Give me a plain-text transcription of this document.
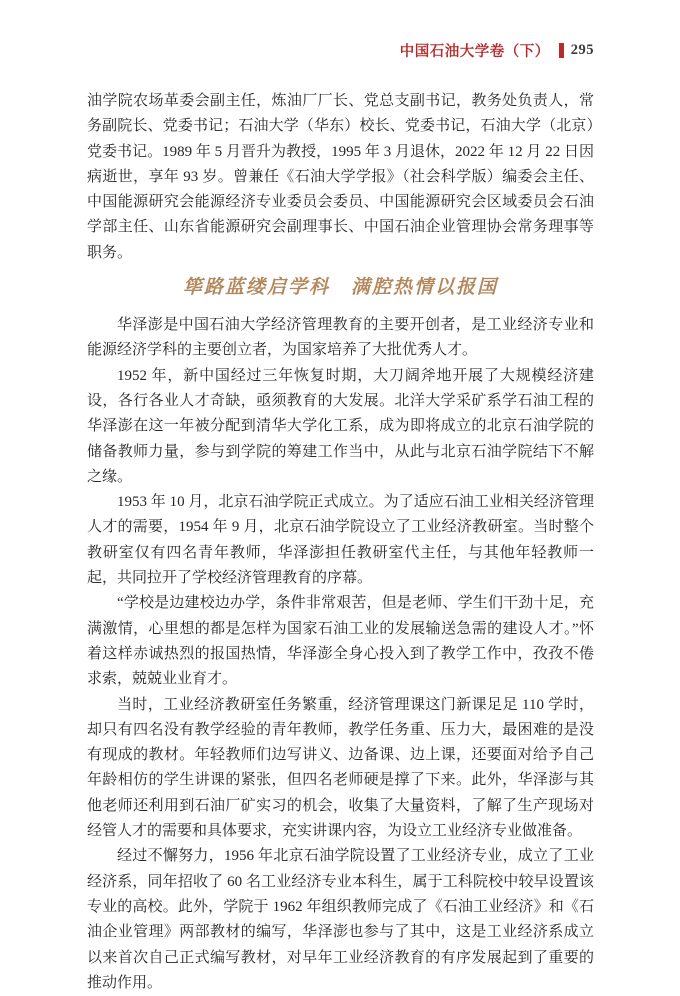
中国石油大学卷（下） 295

油学院农场革委会副主任，炼油厂厂长、党总支副书记，教务处负责人，常务副院长、党委书记；石油大学（华东）校长、党委书记，石油大学（北京）党委书记。1989 年 5 月晋升为教授，1995 年 3 月退休，2022 年 12 月 22 日因病逝世，享年 93 岁。曾兼任《石油大学学报》（社会科学版）编委会主任、中国能源研究会能源经济专业委员会委员、中国能源研究会区域委员会石油学部主任、山东省能源研究会副理事长、中国石油企业管理协会常务理事等职务。

筚路蓝缕启学科　满腔热情以报国

华泽澎是中国石油大学经济管理教育的主要开创者，是工业经济专业和能源经济学科的主要创立者，为国家培养了大批优秀人才。

1952 年，新中国经过三年恢复时期，大刀阔斧地开展了大规模经济建设，各行各业人才奇缺，亟须教育的大发展。北洋大学采矿系学石油工程的华泽澎在这一年被分配到清华大学化工系，成为即将成立的北京石油学院的储备教师力量，参与到学院的筹建工作当中，从此与北京石油学院结下不解之缘。

1953 年 10 月，北京石油学院正式成立。为了适应石油工业相关经济管理人才的需要，1954 年 9 月，北京石油学院设立了工业经济教研室。当时整个教研室仅有四名青年教师，华泽澎担任教研室代主任，与其他年轻教师一起，共同拉开了学校经济管理教育的序幕。

“学校是边建校边办学，条件非常艰苦，但是老师、学生们干劲十足，充满激情，心里想的都是怎样为国家石油工业的发展输送急需的建设人才。”怀着这样赤诚热烈的报国热情，华泽澎全身心投入到了教学工作中，孜孜不倦求索，兢兢业业育才。

当时，工业经济教研室任务繁重，经济管理课这门新课足足 110 学时，却只有四名没有教学经验的青年教师，教学任务重、压力大，最困难的是没有现成的教材。年轻教师们边写讲义、边备课、边上课，还要面对给予自己年龄相仿的学生讲课的紧张，但四名老师硬是撑了下来。此外，华泽澎与其他老师还利用到石油厂矿实习的机会，收集了大量资料，了解了生产现场对经管人才的需要和具体要求，充实讲课内容，为设立工业经济专业做准备。

经过不懈努力，1956 年北京石油学院设置了工业经济专业，成立了工业经济系，同年招收了 60 名工业经济专业本科生，属于工科院校中较早设置该专业的高校。此外，学院于 1962 年组织教师完成了《石油工业经济》和《石油企业管理》两部教材的编写，华泽澎也参与了其中，这是工业经济系成立以来首次自己正式编写教材，对早年工业经济教育的有序发展起到了重要的推动作用。
